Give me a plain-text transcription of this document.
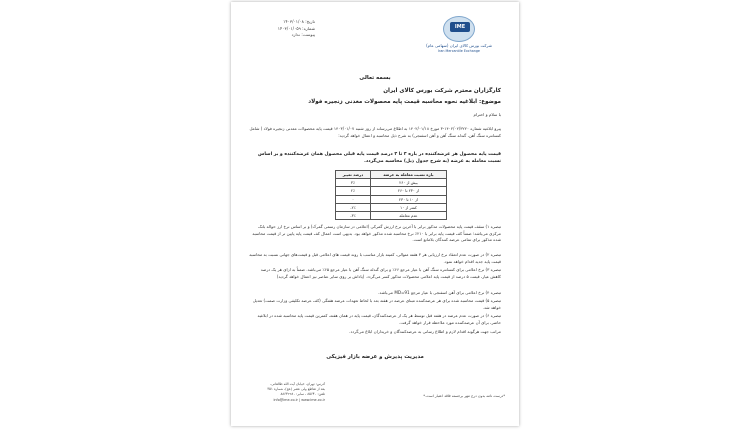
تاریخ: ۱۴۰۳/۰۱/۰۸
شماره: ۱۴۰۳/۰۱/۰۵۹
پیوست: ندارد
IME
شرکت بورس کالای ایران (سهامی عام)
Iran Mercantile Exchange
بسمه تعالی
کارگزاران محترم شرکت بورس کالای ایران
موضوع: ابلاغیه نحوه محاسبه قیمت پایه محصولات معدنی زنجیره فولاد
با سلام و احترام
پیرو ابلاغیه شماره ۱۴۰۲/۰۲/۳۲۲۰-۳ مورخ ۱۴۰۲/۰۱/۱۸ به اطلاع می‌رساند از روز شنبه ۱۴۰۳/۰۱/۰۷ قیمت پایه محصولات معدنی زنجیره فولاد ( شامل کنسانتره سنگ آهن، گندله سنگ آهن و آهن اسفنجی) به شرح ذیل محاسبه و اعمال خواهد گردید:
قیمت پایه محصول هر عرضه‌کننده در بازه ۳ تا ۳ درصد قیمت پایه قبلی محصول همان عرضه‌کننده و بر اساس نسبت معامله به عرضه (به شرح جدول ذیل) محاسبه می‌گردد.
بازه نسبت معامله به عرضه	درصد تغییر
بیش از ۲۶۰	۳٪
از ۲۳۰ تا ۲۶۰	۲٪
از ۱۰ تا ۲۳۰	۰
کمتر از ۱۰	۲٪-
عدم معامله	۳٪-
تبصره ۱) سقف قیمت پایه محصولات مذکور برابر با آخرین نرخ ارزش گمرکی (اعلامی در سازمان رسمی گمرک) و بر اساس نرخ ارز حواله بانک مرکزی می‌باشد؛ ضمناً کف قیمت پایه برابر با ۲۱۰٪ نرخ محاسبه شده مذکور خواهد بود. بدیهی است اعمال کف قیمت پایه پایین تر از قیمت محاسبه شده مذکور برای تمامی عرضه کنندگان بلامانع است.
تبصره ۲) در صورت عدم انعقاد نرخ ارزیابی هر ۳ هفته متوالی، کمیته بازار مناسب با روند قیمت های اعلامی قبل و قیمت‌های جهانی نسبت به محاسبه قیمت پایه جدید اقدام خواهد نمود.
تبصره ۳) نرخ اعلامی برای کنسانتره سنگ آهن با عیار مرجع ۶۶٪ و برای گندله سنگ آهن با عیار مرجع ۶۵٪ می‌باشد. ضمناً به ازای هر یک درصد کاهش عیار، قیمت ۵ درصد از قیمت پایه اعلامی محصولات مذکور کسر می‌گردد. (پاداش بر روی سایر عناصر نیز اعمال خواهد گردید)
تبصره ۴) نرخ اعلامی برای آهن اسفنجی با عیار مرجع MD=91 می‌باشد.
تبصره ۵) قیمت محاسبه شده برای هر عرضه‌کننده مبنای عرضه در هفته بعد با لحاظ تعهدات عرضه هفتگی (کف عرضه تکلیفی وزارت صمت) تعدیل خواهد شد.
تبصره ۶) در صورت عدم عرضه در هفته قبل توسط هر یک از عرضه‌کنندگان، قیمت پایه در همان هفته، کمترین قیمت پایه محاسبه شده در ابلاغیه حاضر، برای آن عرضه‌کننده مورد ملاحظه قرار خواهد گرفت.
مراتب جهت هرگونه اقدام لازم و اطلاع رسانی به عرضه‌کنندگان و خریداران ابلاغ می‌گردد.
مدیریت پذیرش و عرضه بازار فیزیکی
آدرس: تهران، خیابان آیت الله طالقانی،
بعد از تقاطع ولی عصر (عج)، شماره ۳۵۱
تلفن: ۸۵۶۴۰ ، نمابر: ۸۸۶۴۲۲۸۰
info@ime.co.ir | www.ime.co.ir
*درست نامه بدون درج مهر برجسته فاقد اعتبار است.*
